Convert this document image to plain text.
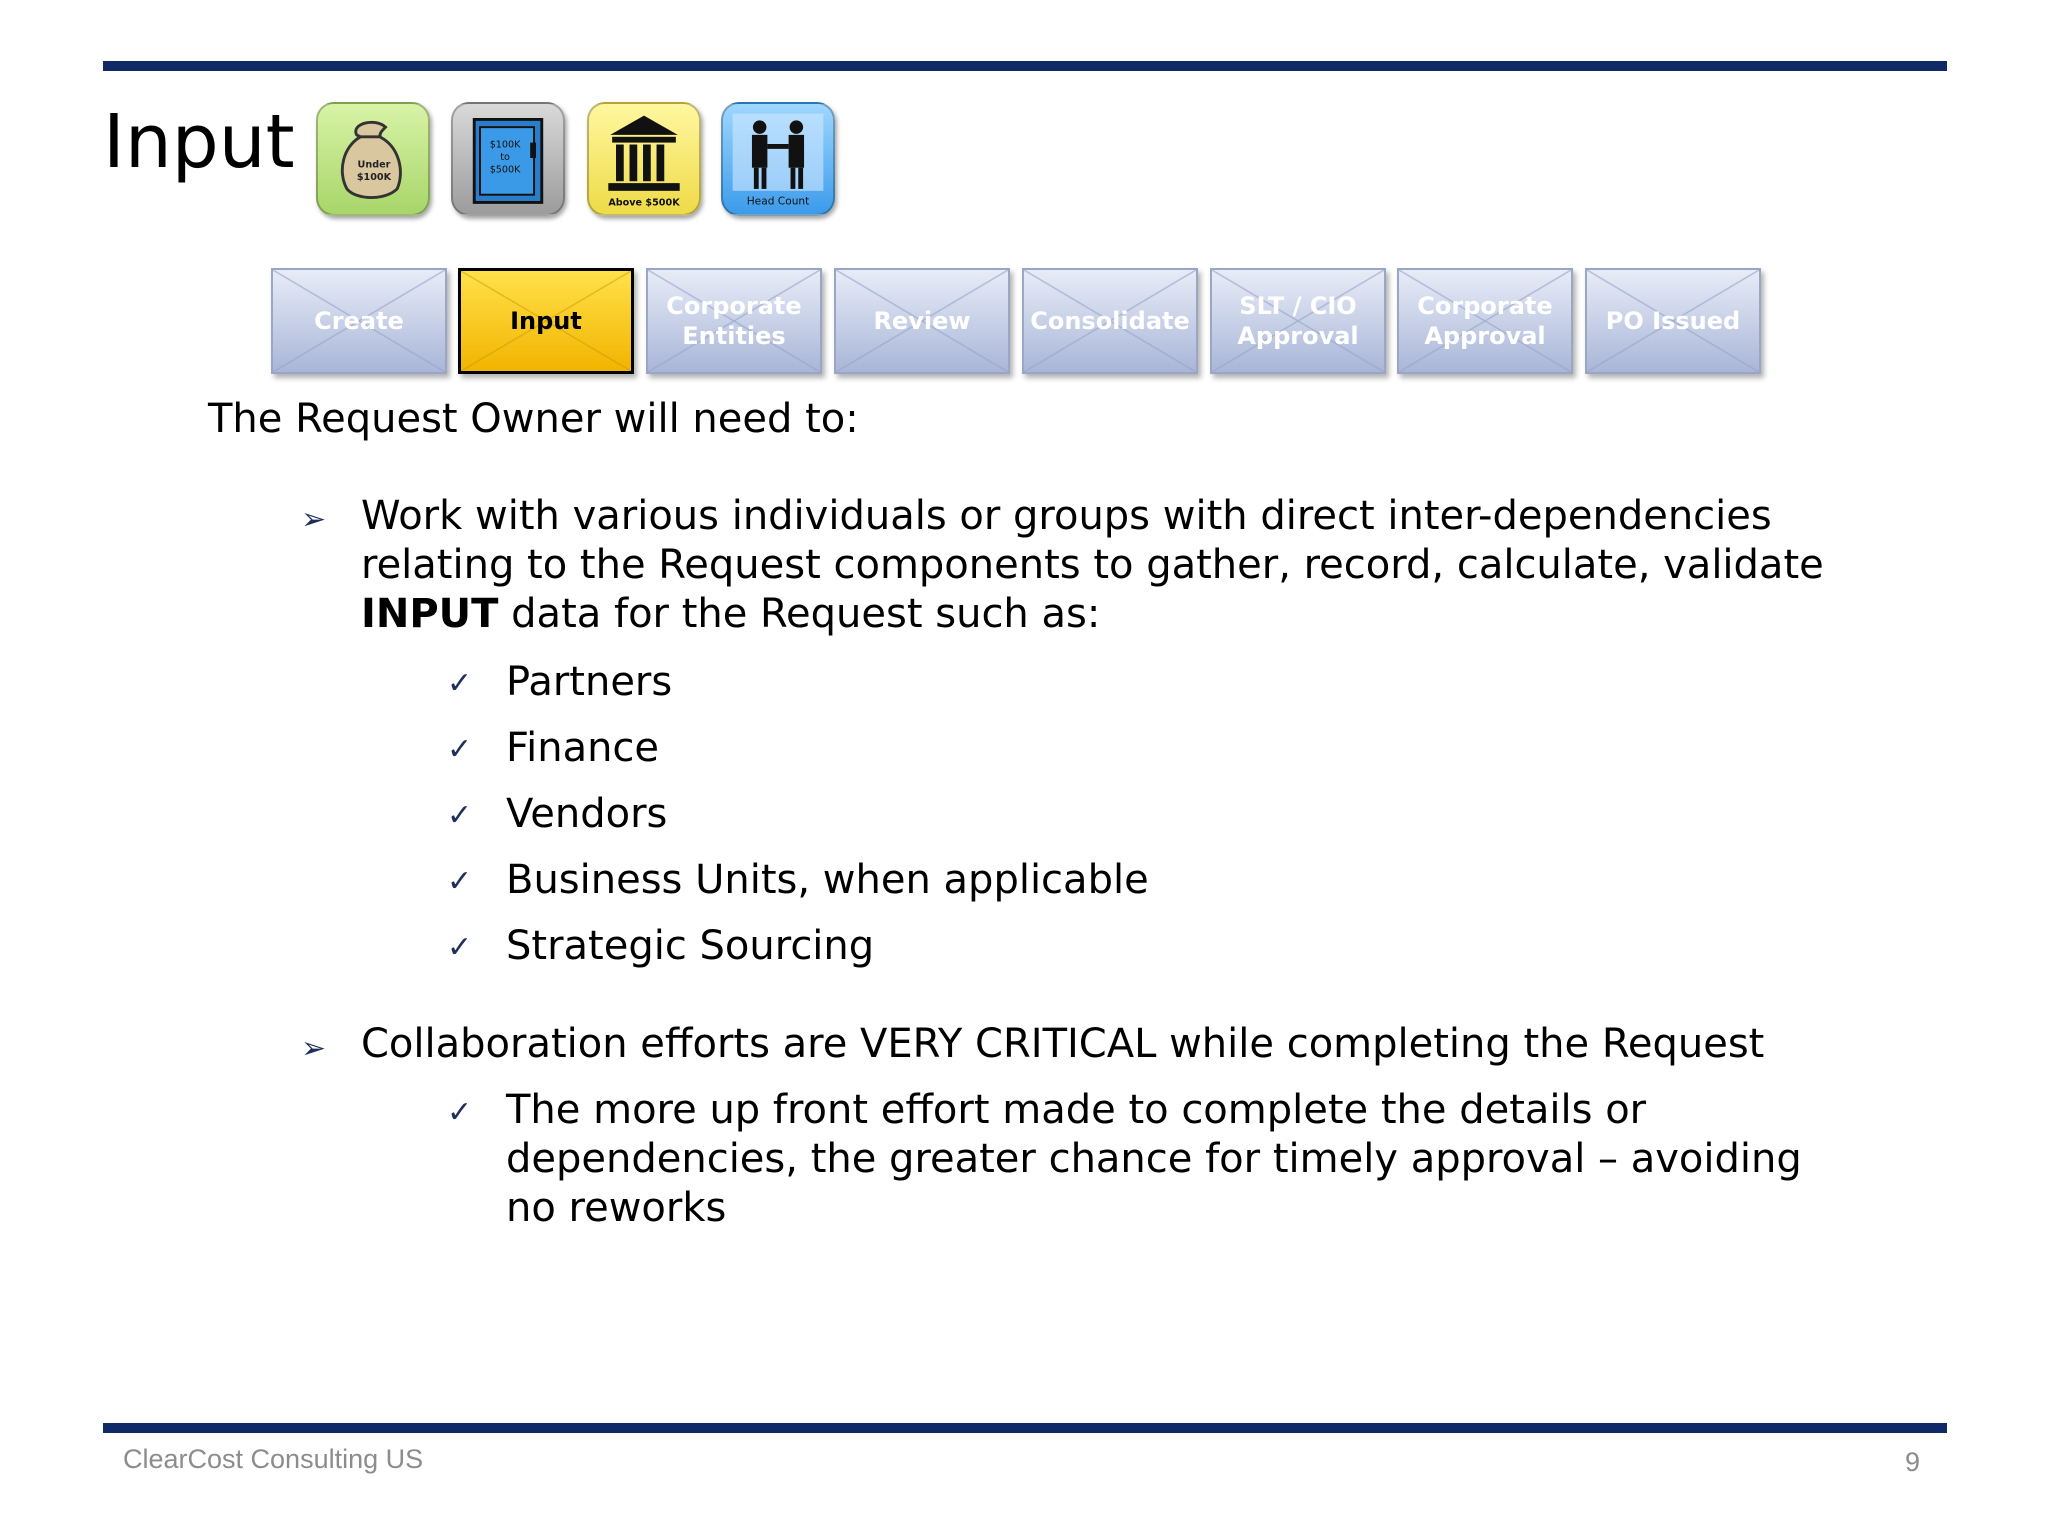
Input	Under
$100K
$100K
to
$500K
Above $500K	Head Count
Create	Input
Corporate
Entities
Review	Consolidate
SLT / CIO
Approval
Corporate
Approval
PO Issued
The Request Owner will need to:
➢ Work with various individuals or groups with direct inter-dependencies relating to the Request components to gather, record, calculate, validate INPUT data for the Request such as:
✓ Partners
✓ Finance
✓ Vendors
✓ Business Units, when applicable
✓ Strategic Sourcing
➢ Collaboration efforts are VERY CRITICAL while completing the Request
✓ The more up front effort made to complete the details or dependencies, the greater chance for timely approval – avoiding no reworks
ClearCost Consulting US	9
